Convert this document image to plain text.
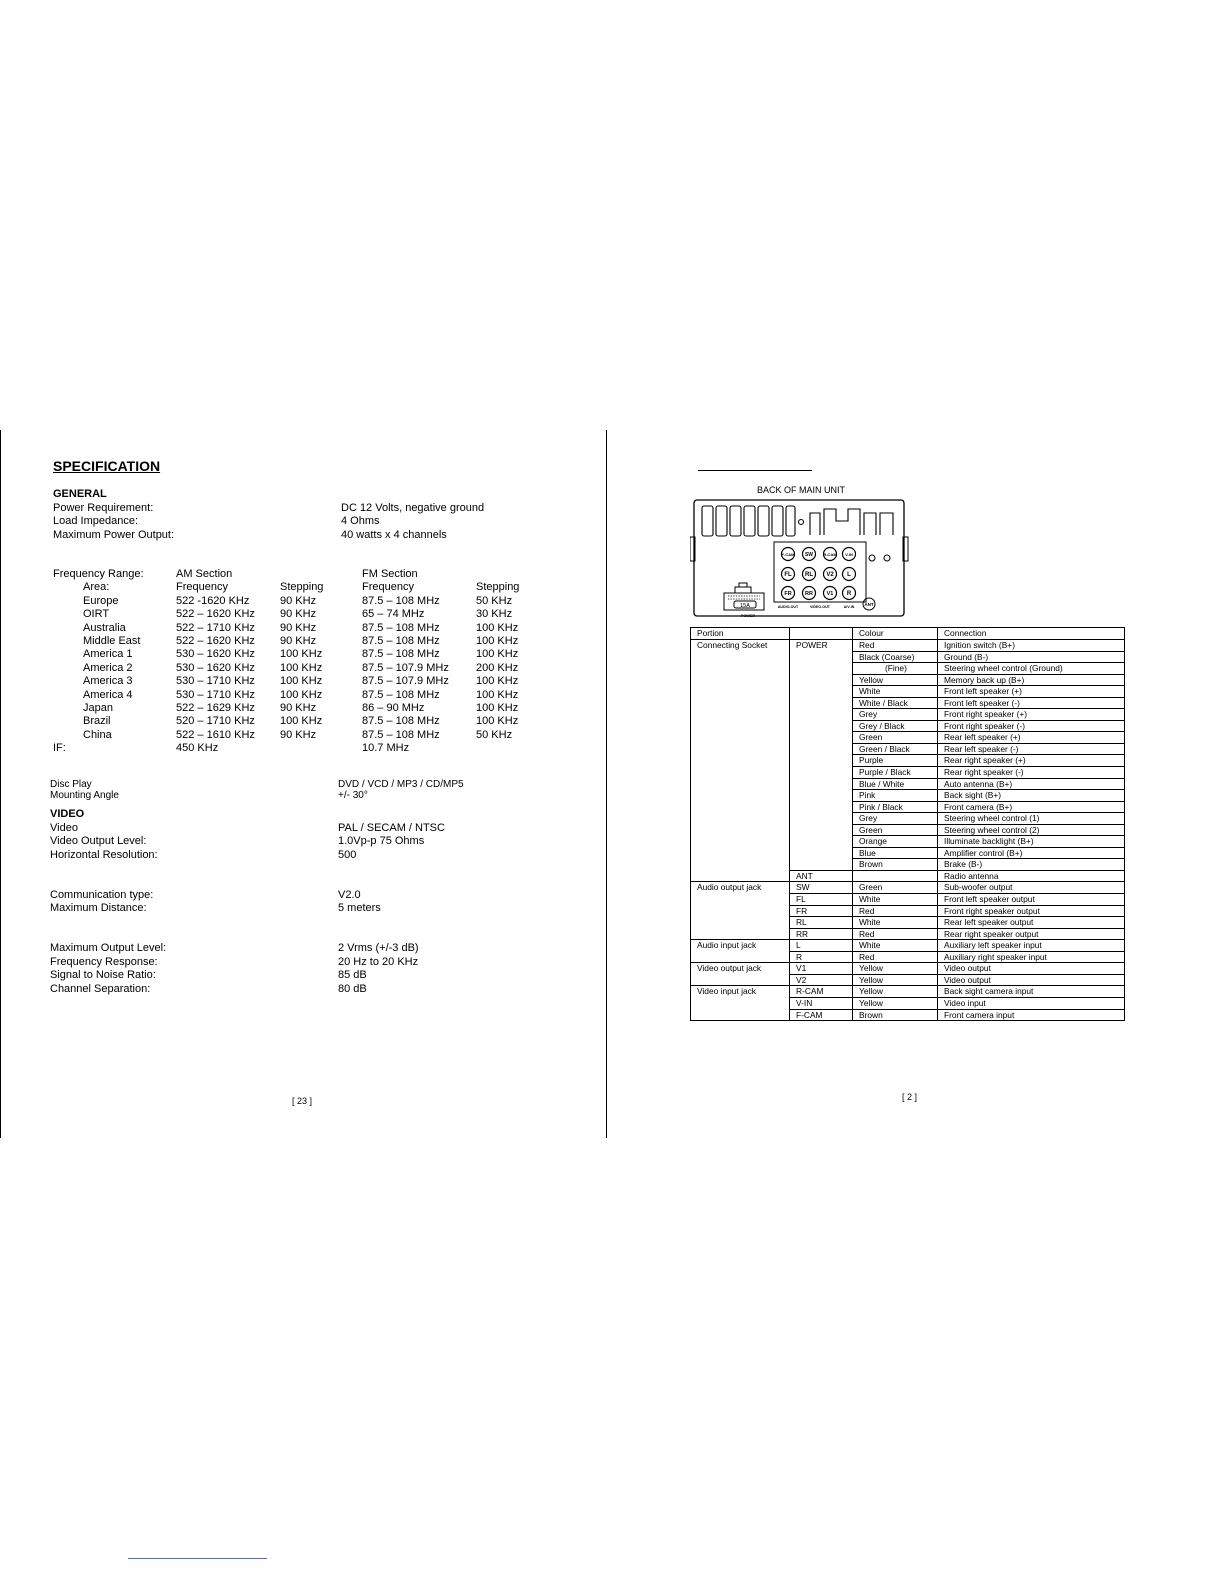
SPECIFICATION
GENERAL
Power Requirement:	DC 12 Volts, negative ground
Load Impedance:	4 Ohms
Maximum Power Output:	40 watts x 4 channels
Frequency Range:		AM Section		FM Section	
	Area:	Frequency	Stepping	Frequency	Stepping
	Europe	522 -1620 KHz	90 KHz	87.5 – 108 MHz	50 KHz
	OIRT	522 – 1620 KHz	90 KHz	65 – 74 MHz	30 KHz
	Australia	522 – 1710 KHz	90 KHz	87.5 – 108 MHz	100 KHz
	Middle East	522 – 1620 KHz	90 KHz	87.5 – 108 MHz	100 KHz
	America 1	530 – 1620 KHz	100 KHz	87.5 – 108 MHz	100 KHz
	America 2	530 – 1620 KHz	100 KHz	87.5 – 107.9 MHz	200 KHz
	America 3	530 – 1710 KHz	100 KHz	87.5 – 107.9 MHz	100 KHz
	America 4	530 – 1710 KHz	100 KHz	87.5 – 108 MHz	100 KHz
	Japan	522 – 1629 KHz	90 KHz	86 – 90 MHz	100 KHz
	Brazil	520 – 1710 KHz	100 KHz	87.5 – 108 MHz	100 KHz
	China	522 – 1610 KHz	90 KHz	87.5 – 108 MHz	50 KHz
IF:		450 KHz		10.7 MHz	
Disc Play	DVD / VCD / MP3 / CD/MP5
Mounting Angle	+/- 30°
VIDEO
Video	PAL / SECAM / NTSC
Video Output Level:	1.0Vp-p 75 Ohms
Horizontal Resolution:	500
Communication type:	V2.0
Maximum Distance:	5 meters
Maximum Output Level:	2 Vrms (+/-3 dB)
Frequency Response:	20 Hz to 20 KHz
Signal to Noise Ratio:	85 dB
Channel Separation:	80 dB
[ 23 ]
BACK OF MAIN UNIT
F-CAM SW	R-CAM V-IN
FL RL V2 L
FR RR V1 R
AUDIO-OUT	VIDEO-OUT	A/V-IN ANT
15A
POWER
Portion		Colour	Connection
Connecting Socket	POWER	Red	Ignition switch (B+)
		Black (Coarse)	Ground (B-)
		(Fine)	Steering wheel control (Ground)
		Yellow	Memory back up (B+)
		White	Front left speaker (+)
		White / Black	Front left speaker (-)
		Grey	Front right speaker (+)
		Grey / Black	Front right speaker (-)
		Green	Rear left speaker (+)
		Green / Black	Rear left speaker (-)
		Purple	Rear right speaker (+)
		Purple / Black	Rear right speaker (-)
		Blue / White	Auto antenna (B+)
		Pink	Back sight (B+)
		Pink / Black	Front camera (B+)
		Grey	Steering wheel control (1)
		Green	Steering wheel control (2)
		Orange	Illuminate backlight (B+)
		Blue	Amplifier control (B+)
		Brown	Brake (B-)
	ANT		Radio antenna
Audio output jack	SW	Green	Sub-woofer output
	FL	White	Front left speaker output
	FR	Red	Front right speaker output
	RL	White	Rear left speaker output
	RR	Red	Rear right speaker output
Audio input jack	L	White	Auxiliary left speaker input
	R	Red	Auxiliary right speaker input
Video output jack	V1	Yellow	Video output
	V2	Yellow	Video output
Video input jack	R-CAM	Yellow	Back sight camera input
	V-IN	Yellow	Video input
	F-CAM	Brown	Front camera input
[ 2 ]
